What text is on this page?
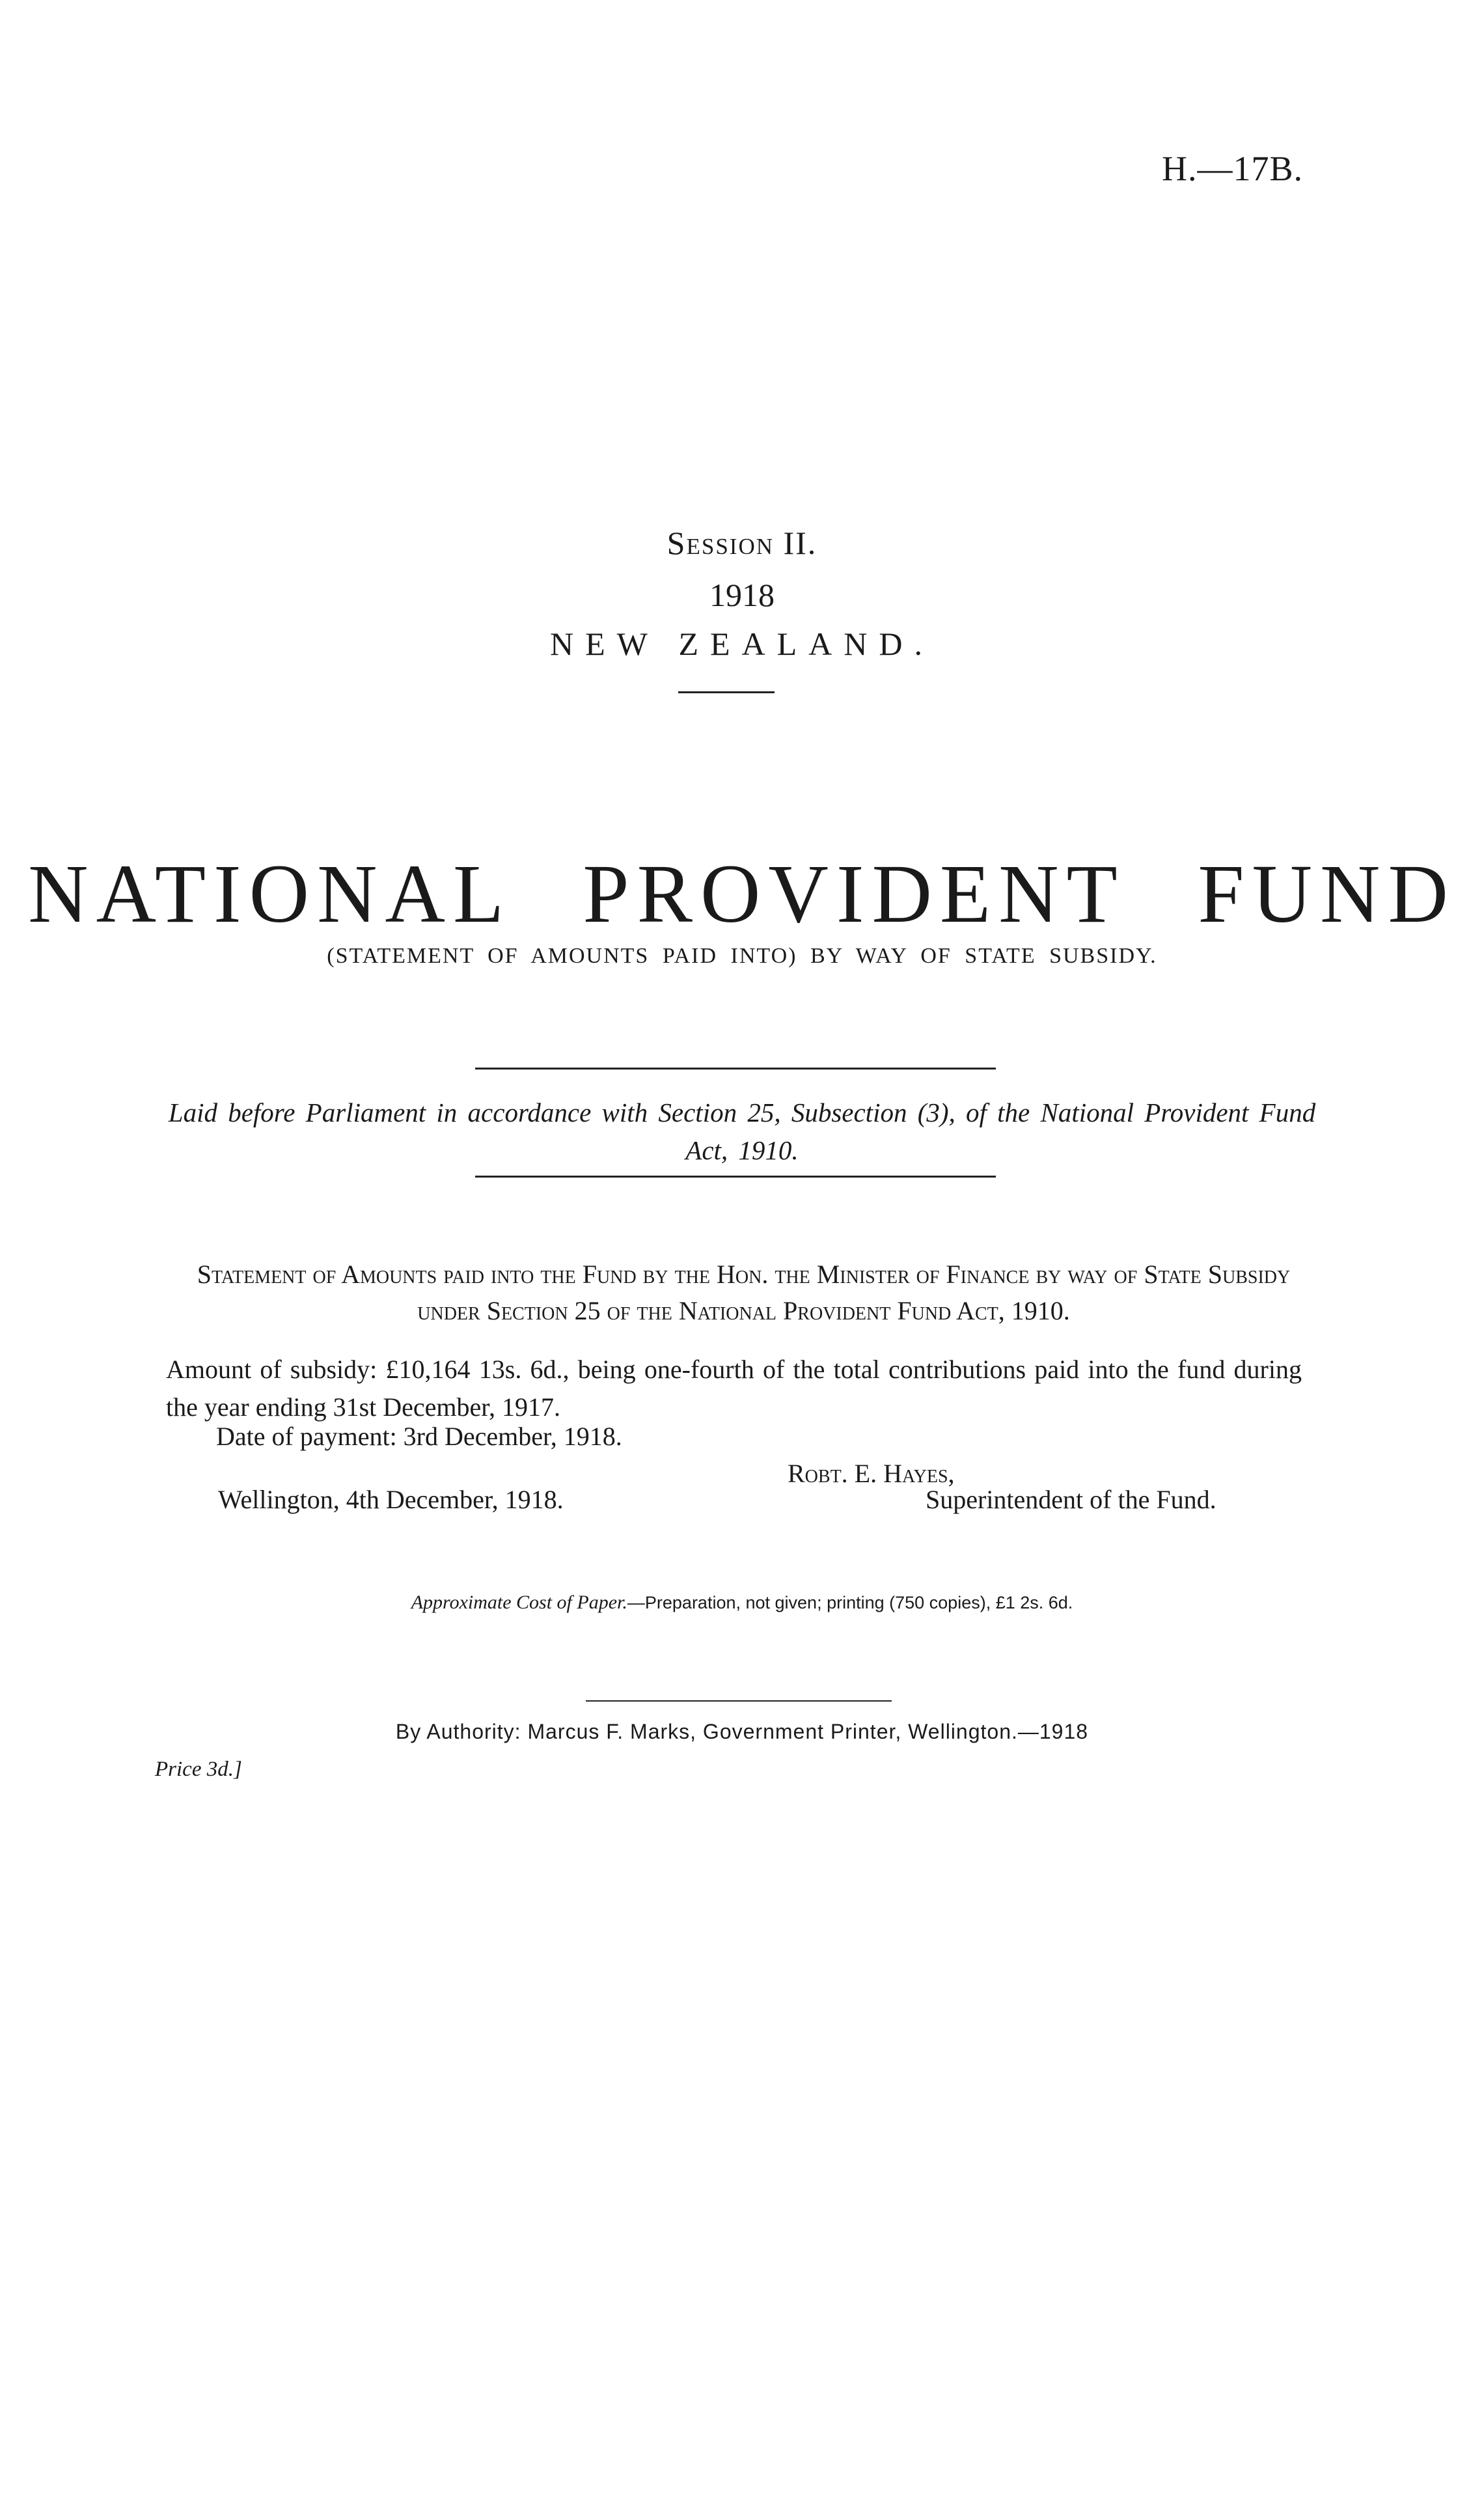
H.—17B.
Session II.
1918
NEW ZEALAND.
NATIONAL PROVIDENT FUND
(STATEMENT OF AMOUNTS PAID INTO) BY WAY OF STATE SUBSIDY.
Laid before Parliament in accordance with Section 25, Subsection (3), of the National Provident Fund Act, 1910.
Statement of Amounts paid into the Fund by the Hon. the Minister of Finance by way of State Subsidy under Section 25 of the National Provident Fund Act, 1910.
Amount of subsidy: £10,164 13s. 6d., being one-fourth of the total contributions paid into the fund during the year ending 31st December, 1917.
Date of payment: 3rd December, 1918.
Robt. E. Hayes,
Wellington, 4th December, 1918.	Superintendent of the Fund.
Approximate Cost of Paper.—Preparation, not given; printing (750 copies), £1 2s. 6d.
By Authority: Marcus F. Marks, Government Printer, Wellington.—1918
Price 3d.]
